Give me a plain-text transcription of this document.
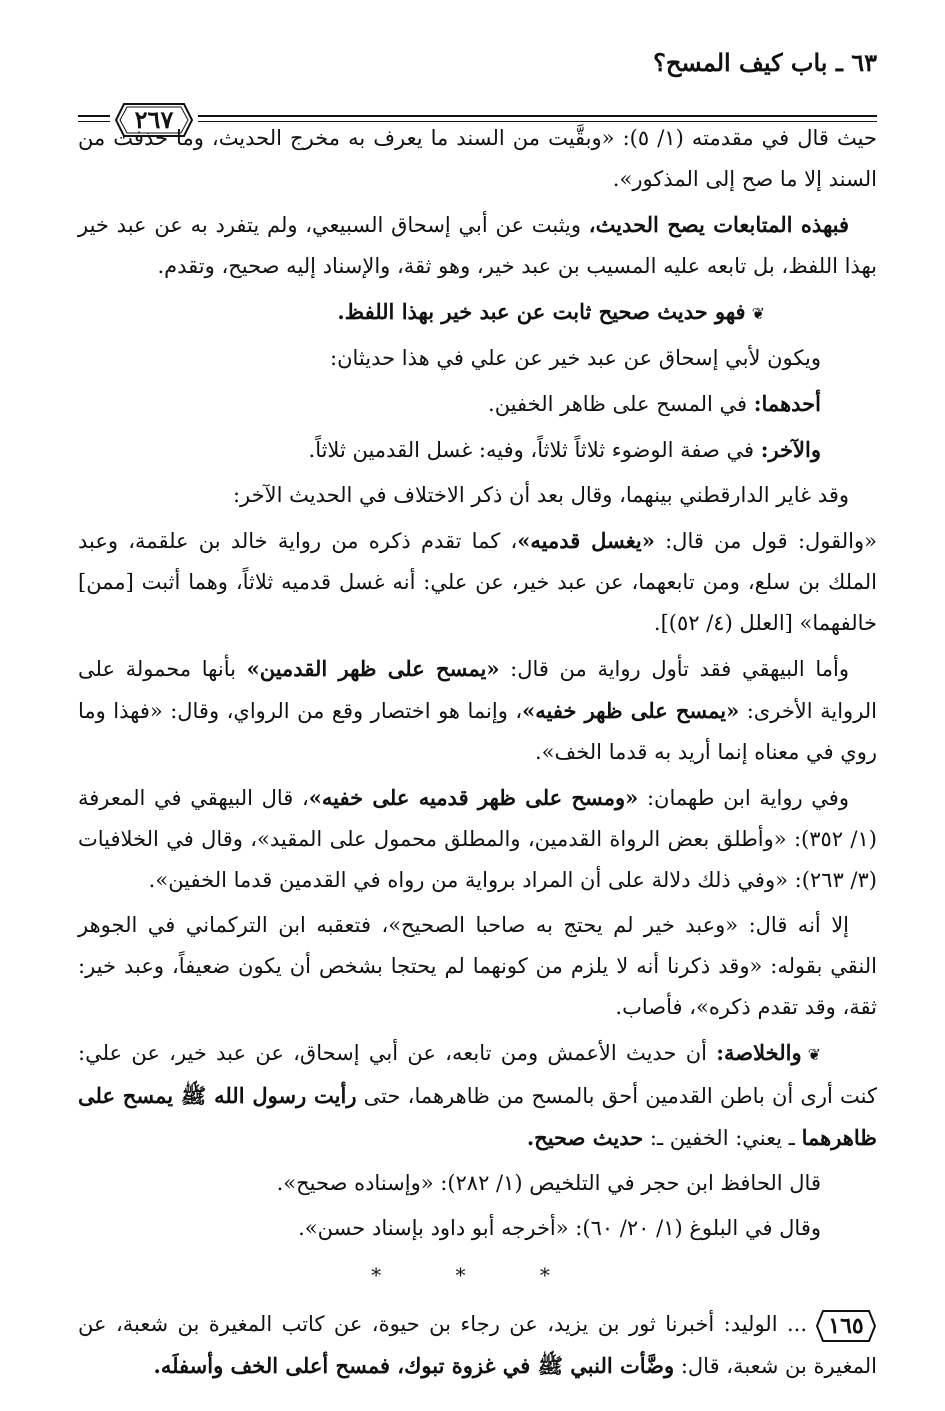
٦٣ ـ باب كيف المسح؟
٢٦٧

حيث قال في مقدمته (١/ ٥): «وبقَّيت من السند ما يعرف به مخرج الحديث، وما حذفت من السند إلا ما صح إلى المذكور».

فبهذه المتابعات يصح الحديث، ويثبت عن أبي إسحاق السبيعي، ولم يتفرد به عن عبد خير بهذا اللفظ، بل تابعه عليه المسيب بن عبد خير، وهو ثقة، والإسناد إليه صحيح، وتقدم.

❦فهو حديث صحيح ثابت عن عبد خير بهذا اللفظ.

ويكون لأبي إسحاق عن عبد خير عن علي في هذا حديثان:

أحدهما: في المسح على ظاهر الخفين.

والآخر: في صفة الوضوء ثلاثاً ثلاثاً، وفيه: غسل القدمين ثلاثاً.

وقد غاير الدارقطني بينهما، وقال بعد أن ذكر الاختلاف في الحديث الآخر:

«والقول: قول من قال: «يغسل قدميه»، كما تقدم ذكره من رواية خالد بن علقمة، وعبد الملك بن سلع، ومن تابعهما، عن عبد خير، عن علي: أنه غسل قدميه ثلاثاً، وهما أثبت [ممن] خالفهما» [العلل (٤/ ٥٢)].

وأما البيهقي فقد تأول رواية من قال: «يمسح على ظهر القدمين» بأنها محمولة على الرواية الأخرى: «يمسح على ظهر خفيه»، وإنما هو اختصار وقع من الرواي، وقال: «فهذا وما روي في معناه إنما أريد به قدما الخف».

وفي رواية ابن طهمان: «ومسح على ظهر قدميه على خفيه»، قال البيهقي في المعرفة (١/ ٣٥٢): «وأطلق بعض الرواة القدمين، والمطلق محمول على المقيد»، وقال في الخلافيات (٣/ ٢٦٣): «وفي ذلك دلالة على أن المراد برواية من رواه في القدمين قدما الخفين».

إلا أنه قال: «وعبد خير لم يحتج به صاحبا الصحيح»، فتعقبه ابن التركماني في الجوهر النقي بقوله: «وقد ذكرنا أنه لا يلزم من كونهما لم يحتجا بشخص أن يكون ضعيفاً، وعبد خير: ثقة، وقد تقدم ذكره»، فأصاب.

❦والخلاصة: أن حديث الأعمش ومن تابعه، عن أبي إسحاق، عن عبد خير، عن علي: كنت أرى أن باطن القدمين أحق بالمسح من ظاهرهما، حتى رأيت رسول الله ﷺ يمسح على ظاهرهما ـ يعني: الخفين ـ: حديث صحيح.

قال الحافظ ابن حجر في التلخيص (١/ ٢٨٢): «وإسناده صحيح».

وقال في البلوغ (١/ ٢٠/ ٦٠): «أخرجه أبو داود بإسناد حسن».

* * *

١٦٥
... الوليد: أخبرنا ثور بن يزيد، عن رجاء بن حيوة، عن كاتب المغيرة بن شعبة، عن المغيرة بن شعبة، قال: وضَّأت النبي ﷺ في غزوة تبوك، فمسح أعلى الخف وأسفلَه.
